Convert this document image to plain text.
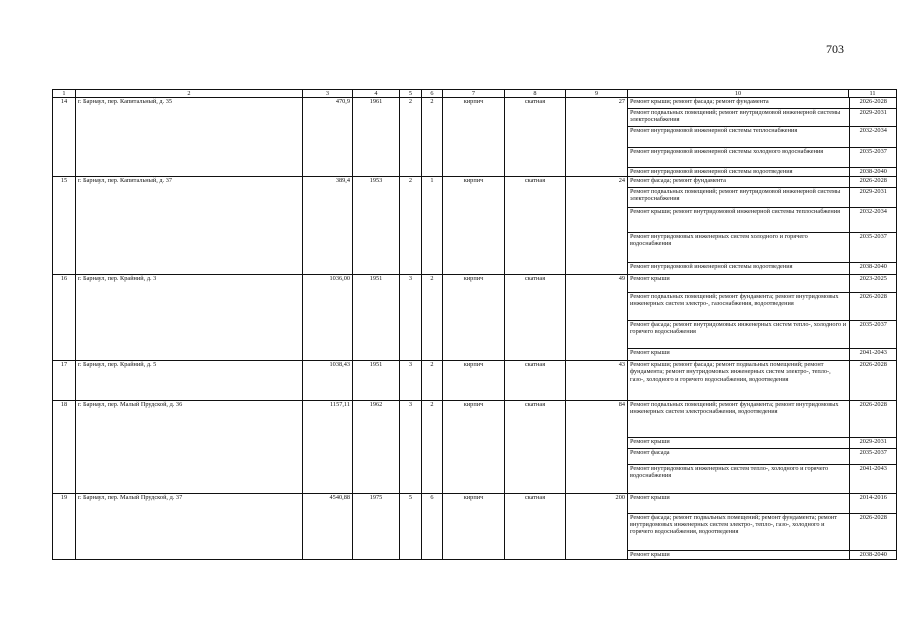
703
1	2	3	4	5	6	7	8	9	10	11
14	г. Барнаул, пер. Капитальный, д. 35	470,9	1961	2	2	кирпич	скатная	27	Ремонт крыши; ремонт фасада; ремонт фундамента	2026-2028
Ремонт подвальных помещений; ремонт внутридомовой инженерной системы электроснабжения	2029-2031
Ремонт внутридомовой инженерной системы теплоснабжения	2032-2034
Ремонт внутридомовой инженерной системы холодного водоснабжения	2035-2037
Ремонт внутридомовой инженерной системы водоотведения	2038-2040

15	г. Барнаул, пер. Капитальный, д. 37	389,4	1953	2	1	кирпич	скатная	24	Ремонт фасада; ремонт фундамента	2026-2028
Ремонт подвальных помещений; ремонт внутридомовой инженерной системы электроснабжения	2029-2031
Ремонт крыши; ремонт внутридомовой инженерной системы теплоснабжения	2032-2034
Ремонт внутридомовых инженерных систем холодного и горячего водоснабжения	2035-2037
Ремонт внутридомовой инженерной системы водоотведения	2038-2040

16	г. Барнаул, пер. Крайний, д. 3	1036,00	1951	3	2	кирпич	скатная	49	Ремонт крыши	2023-2025
Ремонт подвальных помещений; ремонт фундамента; ремонт внутридомовых инженерных систем электро-, газоснабжения, водоотведения	2026-2028
Ремонт фасада; ремонт внутридомовых инженерных систем тепло-, холодного и горячего водоснабжения	2035-2037
Ремонт крыши	2041-2043

17	г. Барнаул, пер. Крайний, д. 5	1038,43	1951	3	2	кирпич	скатная	43	Ремонт крыши; ремонт фасада; ремонт подвальных помещений; ремонт фундамента; ремонт внутридомовых инженерных систем электро-, тепло-, газо-, холодного и горячего водоснабжения, водоотведения	2026-2028

18	г. Барнаул, пер. Малый Прудской, д. 36	1157,11	1962	3	2	кирпич	скатная	84	Ремонт подвальных помещений; ремонт фундамента; ремонт внутридомовых инженерных систем электроснабжения, водоотведения	2026-2028
Ремонт крыши	2029-2031
Ремонт фасада	2035-2037
Ремонт внутридомовых инженерных систем тепло-, холодного и горячего водоснабжения	2041-2043

19	г. Барнаул, пер. Малый Прудской, д. 37	4540,88	1975	5	6	кирпич	скатная	200	Ремонт крыши	2014-2016
Ремонт фасада; ремонт подвальных помещений; ремонт фундамента; ремонт внутридомовых инженерных систем электро-, тепло-, газо-, холодного и горячего водоснабжения, водоотведения	2026-2028
Ремонт крыши	2038-2040
